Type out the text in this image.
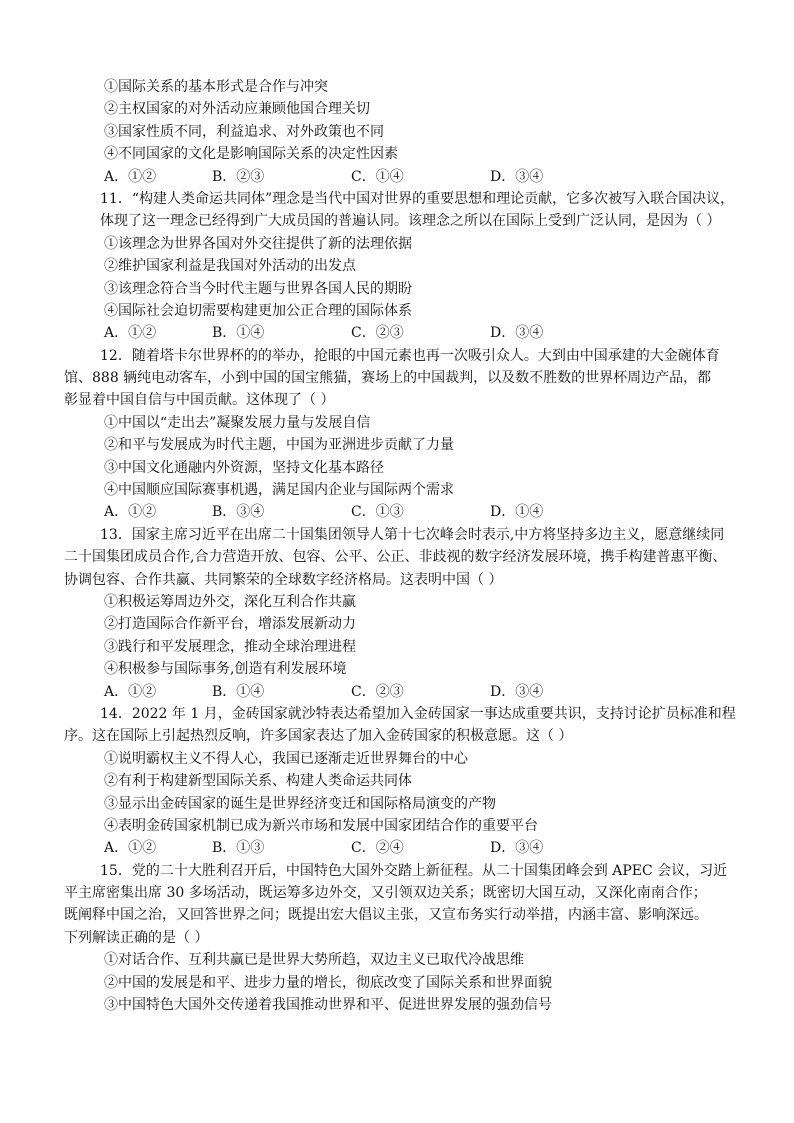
①国际关系的基本形式是合作与冲突
②主权国家的对外活动应兼顾他国合理关切
③国家性质不同，利益追求、对外政策也不同
④不同国家的文化是影响国际关系的决定性因素
A．①②	B．②③	C．①④	D．③④
11．“构建人类命运共同体”理念是当代中国对世界的重要思想和理论贡献，它多次被写入联合国决议，
体现了这一理念已经得到广大成员国的普遍认同。该理念之所以在国际上受到广泛认同，是因为（ ）
①该理念为世界各国对外交往提供了新的法理依据
②维护国家利益是我国对外活动的出发点
③该理念符合当今时代主题与世界各国人民的期盼
④国际社会迫切需要构建更加公正合理的国际体系
A．①②	B．①④	C．②③	D．③④
12．随着塔卡尔世界杯的的举办，抢眼的中国元素也再一次吸引众人。大到由中国承建的大金碗体育
馆、888 辆纯电动客车，小到中国的国宝熊猫，赛场上的中国裁判，以及数不胜数的世界杯周边产品，都
彰显着中国自信与中国贡献。这体现了（ ）
①中国以“走出去”凝聚发展力量与发展自信
②和平与发展成为时代主题，中国为亚洲进步贡献了力量
③中国文化通融内外资源，坚持文化基本路径
④中国顺应国际赛事机遇，满足国内企业与国际两个需求
A．①②	B．③④	C．①③	D．①④
13．国家主席习近平在出席二十国集团领导人第十七次峰会时表示,中方将坚持多边主义，愿意继续同
二十国集团成员合作,合力营造开放、包容、公平、公正、非歧视的数字经济发展环境，携手构建普惠平衡、
协调包容、合作共赢、共同繁荣的全球数字经济格局。这表明中国（ ）
①积极运筹周边外交，深化互利合作共赢
②打造国际合作新平台，增添发展新动力
③践行和平发展理念，推动全球治理进程
④积极参与国际事务,创造有利发展环境
A．①②	B．①④	C．②③	D．③④
14．2022 年 1 月，金砖国家就沙特表达希望加入金砖国家一事达成重要共识，支持讨论扩员标准和程
序。这在国际上引起热烈反响，许多国家表达了加入金砖国家的积极意愿。这（ ）
①说明霸权主义不得人心，我国已逐渐走近世界舞台的中心
②有利于构建新型国际关系、构建人类命运共同体
③显示出金砖国家的诞生是世界经济变迁和国际格局演变的产物
④表明金砖国家机制已成为新兴市场和发展中国家团结合作的重要平台
A．①②	B．①③	C．②④	D．③④
15．党的二十大胜利召开后，中国特色大国外交踏上新征程。从二十国集团峰会到 APEC 会议，习近
平主席密集出席 30 多场活动，既运筹多边外交，又引领双边关系；既密切大国互动，又深化南南合作；
既阐释中国之治，又回答世界之问；既提出宏大倡议主张，又宣布务实行动举措，内涵丰富、影响深远。
下列解读正确的是（ ）
①对话合作、互利共赢已是世界大势所趋，双边主义已取代冷战思维
②中国的发展是和平、进步力量的增长，彻底改变了国际关系和世界面貌
③中国特色大国外交传递着我国推动世界和平、促进世界发展的强劲信号
